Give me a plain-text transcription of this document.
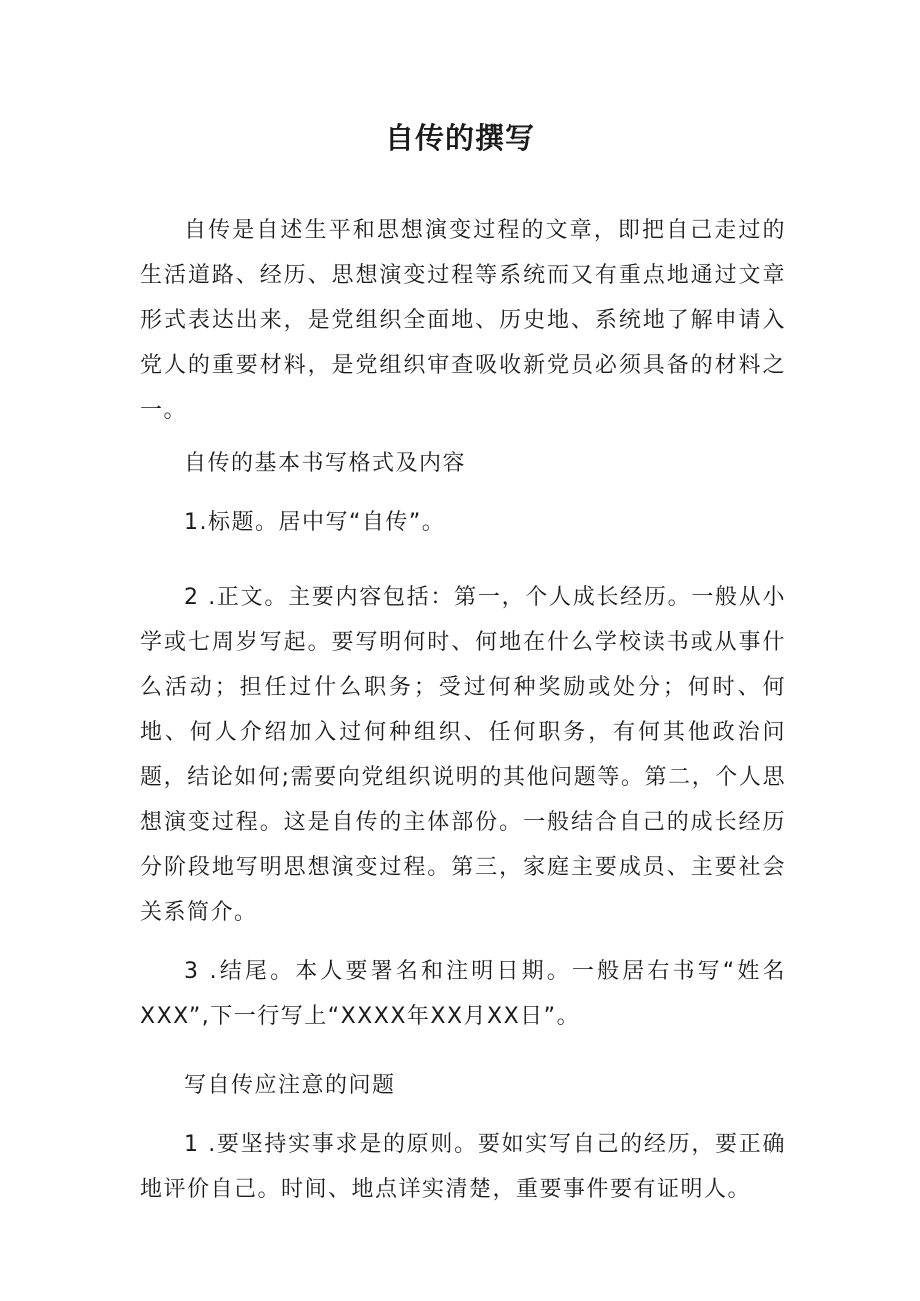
自传的撰写

自传是自述生平和思想演变过程的文章，即把自己走过的生活道路、经历、思想演变过程等系统而又有重点地通过文章形式表达出来，是党组织全面地、历史地、系统地了解申请入党人的重要材料，是党组织审查吸收新党员必须具备的材料之一。

自传的基本书写格式及内容

1.标题。居中写“自传”。

2 .正文。主要内容包括：第一，个人成长经历。一般从小学或七周岁写起。要写明何时、何地在什么学校读书或从事什么活动；担任过什么职务；受过何种奖励或处分；何时、何地、何人介绍加入过何种组织、任何职务，有何其他政治问题，结论如何;需要向党组织说明的其他问题等。第二，个人思想演变过程。这是自传的主体部份。一般结合自己的成长经历分阶段地写明思想演变过程。第三，家庭主要成员、主要社会关系简介。

3 .结尾。本人要署名和注明日期。一般居右书写“姓名XXX”,下一行写上“XXXX年XX月XX日”。

写自传应注意的问题

1 .要坚持实事求是的原则。要如实写自己的经历，要正确地评价自己。时间、地点详实清楚，重要事件要有证明人。
